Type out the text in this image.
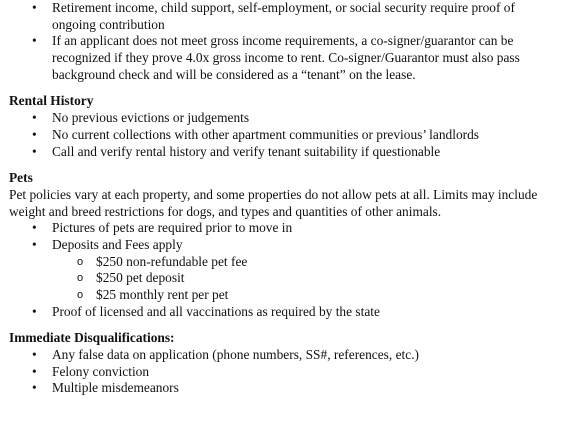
• Retirement income, child support, self-employment, or social security require proof of
ongoing contribution
• If an applicant does not meet gross income requirements, a co-signer/guarantor can be
recognized if they prove 4.0x gross income to rent. Co-signer/Guarantor must also pass
background check and will be considered as a “tenant” on the lease.
Rental History
• No previous evictions or judgements
• No current collections with other apartment communities or previous’ landlords
• Call and verify rental history and verify tenant suitability if questionable
Pets
Pet policies vary at each property, and some properties do not allow pets at all. Limits may include
weight and breed restrictions for dogs, and types and quantities of other animals.
• Pictures of pets are required prior to move in
• Deposits and Fees apply
o $250 non-refundable pet fee
o $250 pet deposit
o $25 monthly rent per pet
• Proof of licensed and all vaccinations as required by the state
Immediate Disqualifications:
• Any false data on application (phone numbers, SS#, references, etc.)
• Felony conviction
• Multiple misdemeanors
